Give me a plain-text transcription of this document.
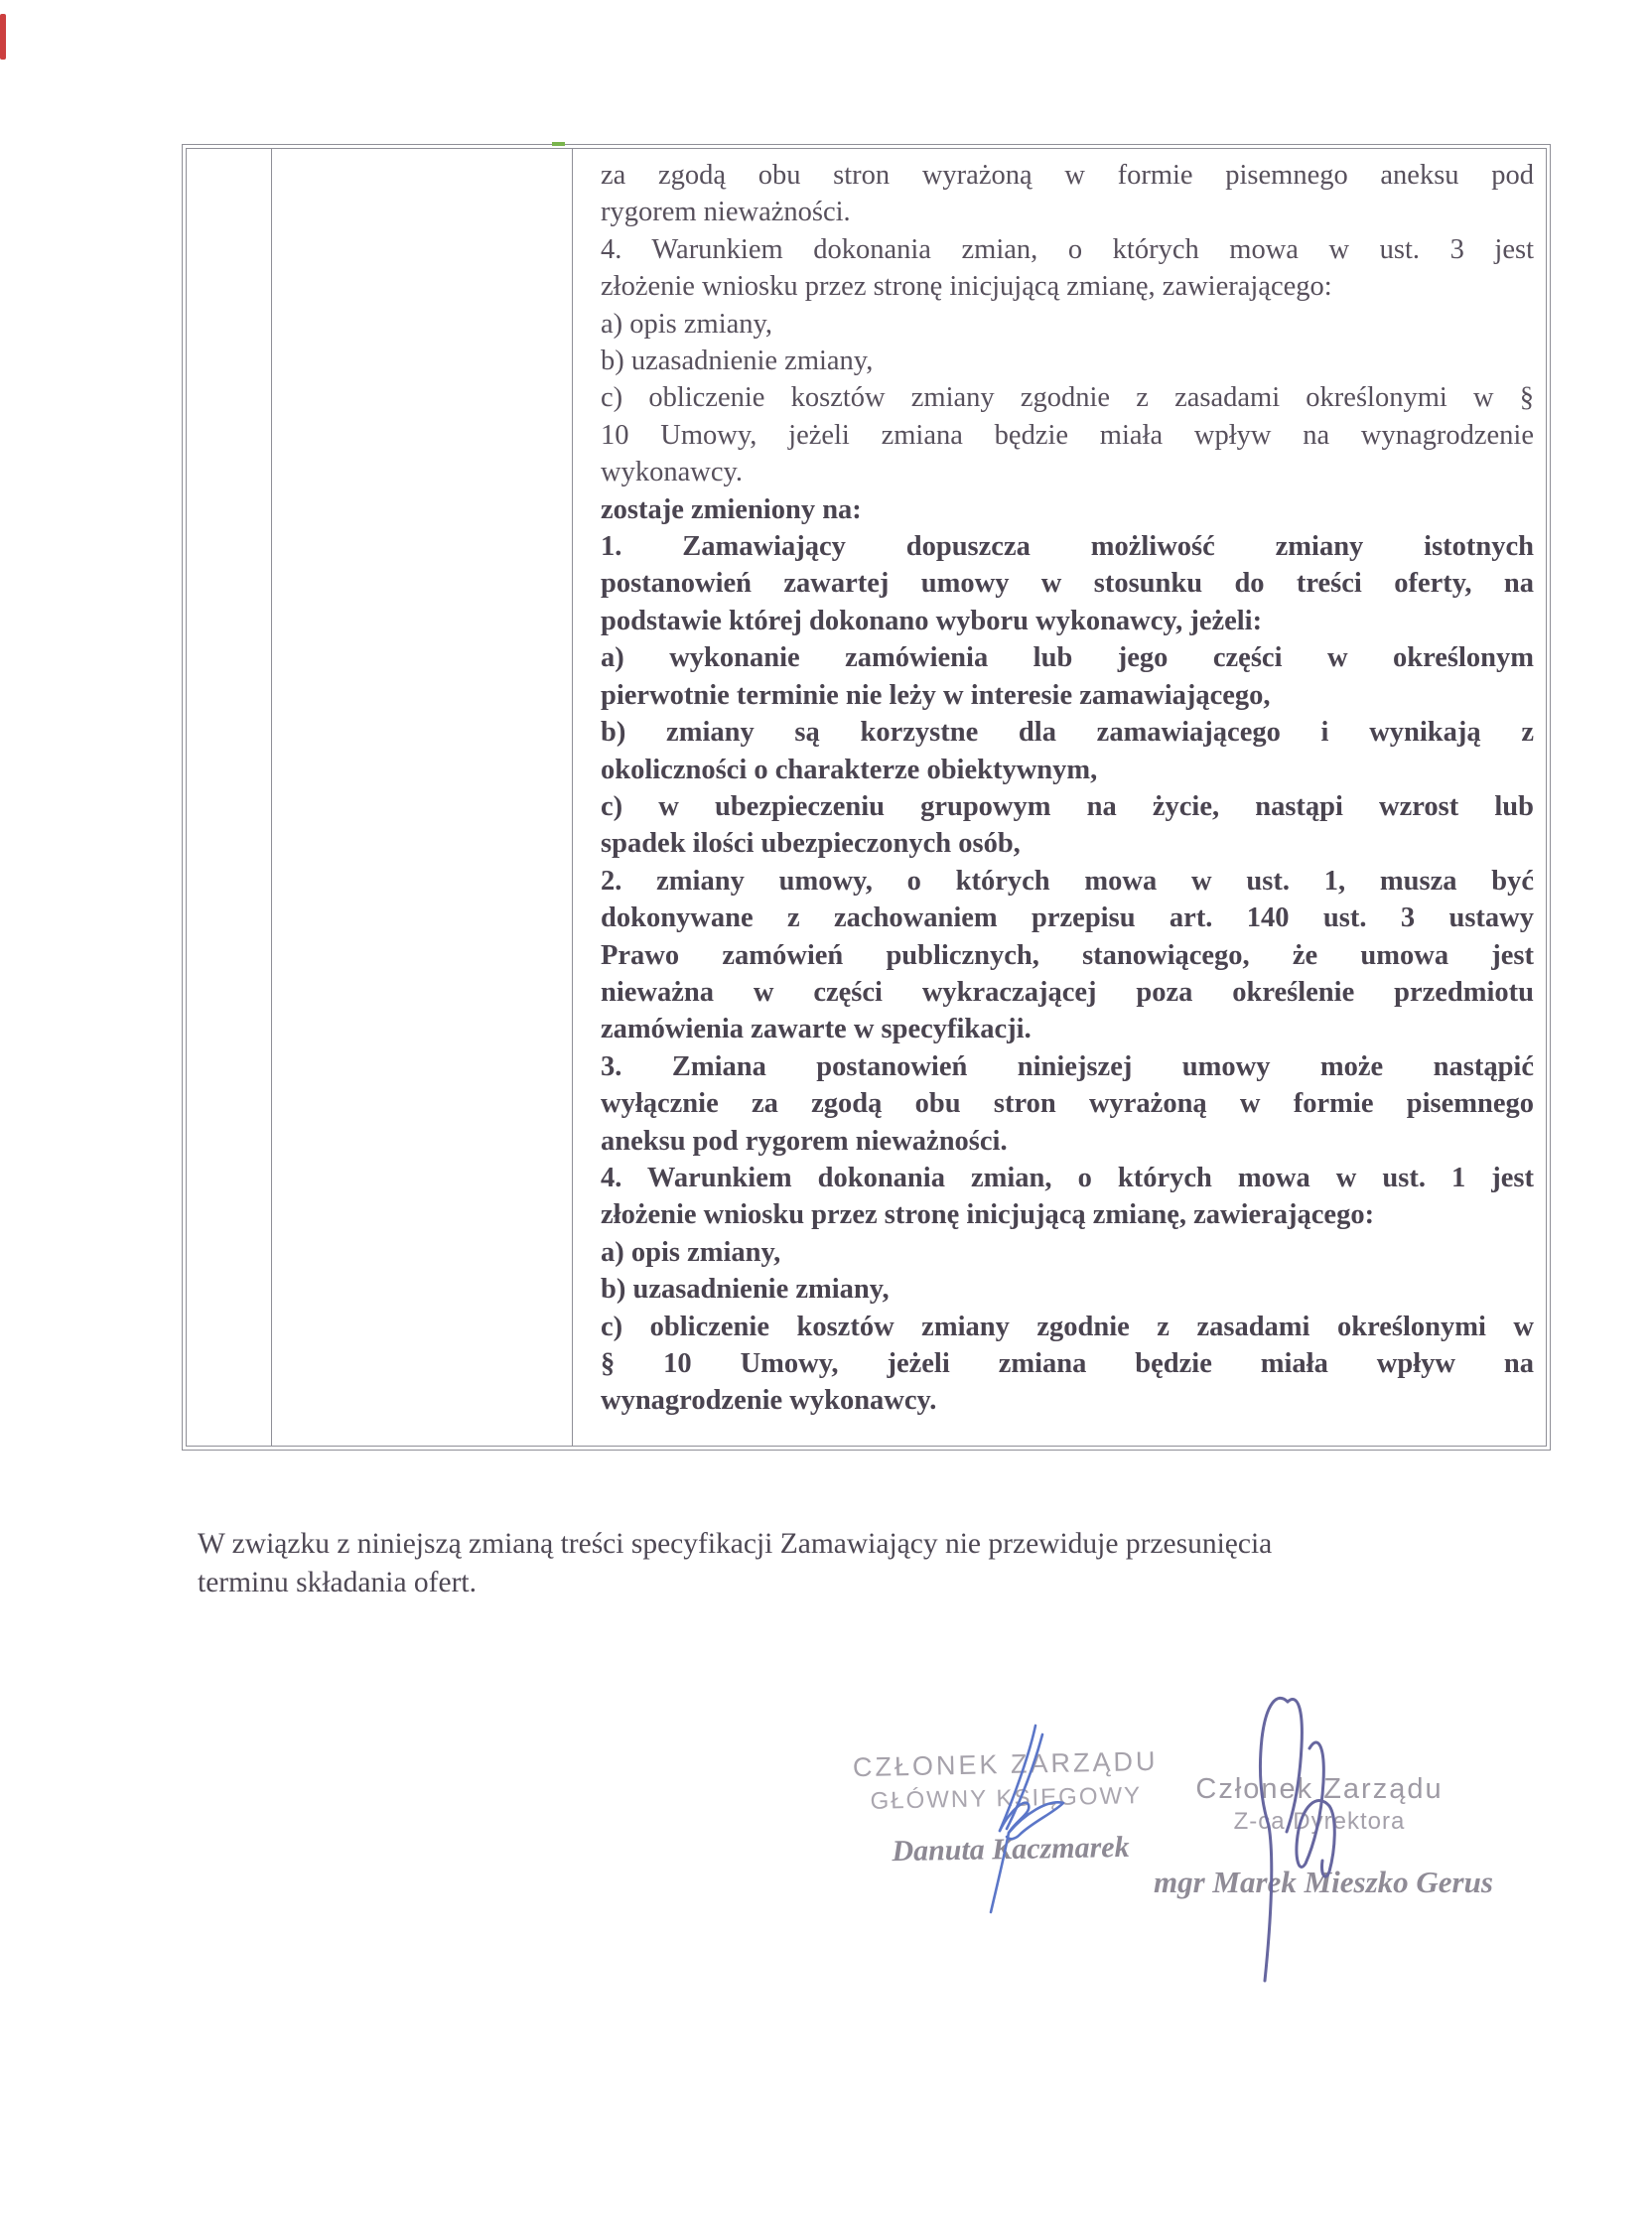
za zgodą obu stron wyrażoną w formie pisemnego aneksu pod
rygorem nieważności.
4. Warunkiem dokonania zmian, o których mowa w ust. 3 jest
złożenie wniosku przez stronę inicjującą zmianę, zawierającego:
a) opis zmiany,
b) uzasadnienie zmiany,
c) obliczenie kosztów zmiany zgodnie z zasadami określonymi w §
10 Umowy, jeżeli zmiana będzie miała wpływ na wynagrodzenie
wykonawcy.
zostaje zmieniony na:
1. Zamawiający dopuszcza możliwość zmiany istotnych
postanowień zawartej umowy w stosunku do treści oferty, na
podstawie której dokonano wyboru wykonawcy, jeżeli:
a) wykonanie zamówienia lub jego części w określonym
pierwotnie terminie nie leży w interesie zamawiającego,
b) zmiany są korzystne dla zamawiającego i wynikają z
okoliczności o charakterze obiektywnym,
c) w ubezpieczeniu grupowym na życie, nastąpi wzrost lub
spadek ilości ubezpieczonych osób,
2. zmiany umowy, o których mowa w ust. 1, musza być
dokonywane z zachowaniem przepisu art. 140 ust. 3 ustawy
Prawo zamówień publicznych, stanowiącego, że umowa jest
nieważna w części wykraczającej poza określenie przedmiotu
zamówienia zawarte w specyfikacji.
3. Zmiana postanowień niniejszej umowy może nastąpić
wyłącznie za zgodą obu stron wyrażoną w formie pisemnego
aneksu pod rygorem nieważności.
4. Warunkiem dokonania zmian, o których mowa w ust. 1 jest
złożenie wniosku przez stronę inicjującą zmianę, zawierającego:
a) opis zmiany,
b) uzasadnienie zmiany,
c) obliczenie kosztów zmiany zgodnie z zasadami określonymi w
§ 10 Umowy, jeżeli zmiana będzie miała wpływ na
wynagrodzenie wykonawcy.
W związku z niniejszą zmianą treści specyfikacji Zamawiający nie przewiduje przesunięcia
terminu składania ofert.
CZŁONEK ZARZĄDU
GŁÓWNY KSIĘGOWY
Danuta Kaczmarek
Członek Zarządu
Z-ca Dyrektora
mgr Marek Mieszko Gerus
